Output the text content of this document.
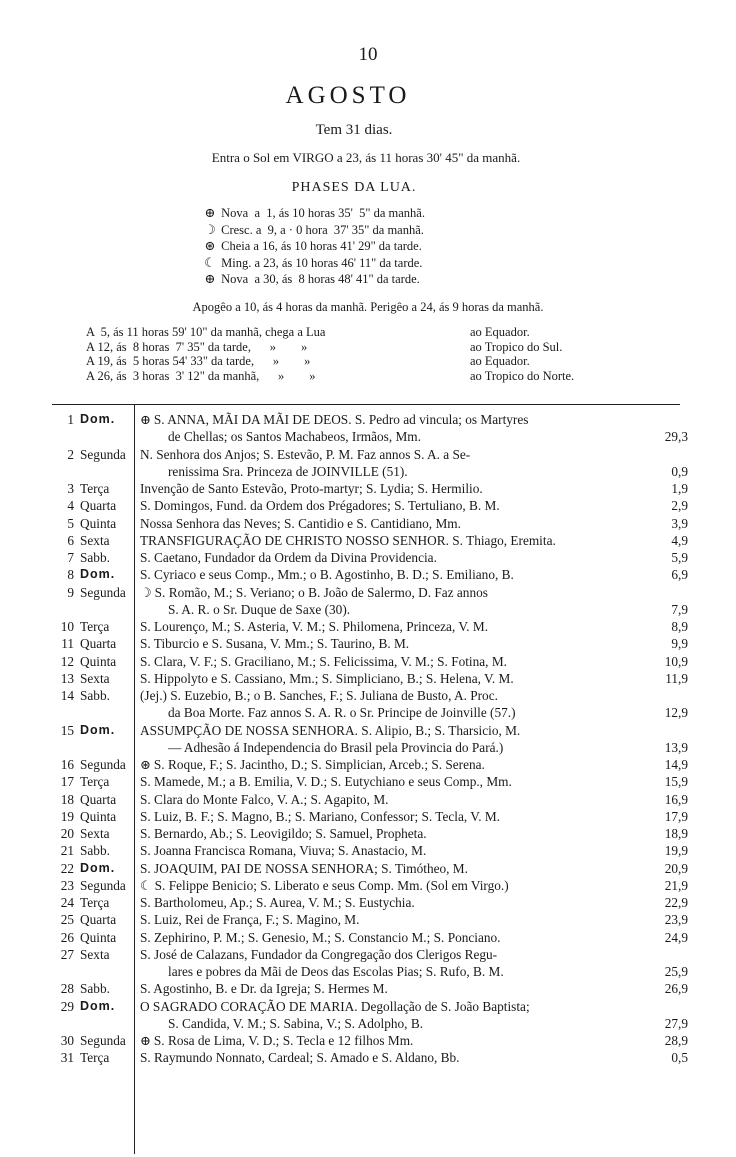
10
AGOSTO
Tem 31 dias.
Entra o Sol em VIRGO a 23, ás 11 horas 30' 45" da manhã.
PHASES DA LUA.
⊕ Nova  a  1, ás 10 horas 35'  5" da manhã.
☽ Cresc. a  9, a · 0 hora  37' 35" da manhã.
⊛ Cheia a 16, ás 10 horas 41' 29" da tarde.
☾ Ming. a 23, ás 10 horas 46' 11" da tarde.
⊕ Nova  a 30, ás  8 horas 48' 41" da tarde.
Apogêo a 10, ás 4 horas da manhã. Perigêo a 24, ás 9 horas da manhã.
A  5, ás 11 horas 59' 10" da manhã, chega a Lua	ao Equador.
A 12, ás  8 horas  7' 35" da tarde,      »        »	ao Tropico do Sul.
A 19, ás  5 horas 54' 33" da tarde,      »        »	ao Equador.
A 26, ás  3 horas  3' 12" da manhã,      »        »	ao Tropico do Norte.
1 Dom. ⊕ S. ANNA, MÃI DA MÃI DE DEOS. S. Pedro ad vincula; os Martyres
de Chellas; os Santos Machabeos, Irmãos, Mm.	29,3
2 Segunda N. Senhora dos Anjos; S. Estevão, P. M. Faz annos S. A. a Se-
renissima Sra. Princeza de JOINVILLE (51).	0,9
3 Terça Invenção de Santo Estevão, Proto-martyr; S. Lydia; S. Hermilio.	1,9
4 Quarta S. Domingos, Fund. da Ordem dos Prégadores; S. Tertuliano, B. M.	2,9
5 Quinta Nossa Senhora das Neves; S. Cantidio e S. Cantidiano, Mm.	3,9
6 Sexta TRANSFIGURAÇÃO DE CHRISTO NOSSO SENHOR. S. Thiago, Eremita.	4,9
7 Sabb. S. Caetano, Fundador da Ordem da Divina Providencia.	5,9
8 Dom. S. Cyriaco e seus Comp., Mm.; o B. Agostinho, B. D.; S. Emiliano, B.	6,9
9 Segunda ☽ S. Romão, M.; S. Veriano; o B. João de Salermo, D. Faz annos
S. A. R. o Sr. Duque de Saxe (30).	7,9
10 Terça S. Lourenço, M.; S. Asteria, V. M.; S. Philomena, Princeza, V. M.	8,9
11 Quarta S. Tiburcio e S. Susana, V. Mm.; S. Taurino, B. M.	9,9
12 Quinta S. Clara, V. F.; S. Graciliano, M.; S. Felicissima, V. M.; S. Fotina, M.	10,9
13 Sexta S. Hippolyto e S. Cassiano, Mm.; S. Simpliciano, B.; S. Helena, V. M.	11,9
14 Sabb. (Jej.) S. Euzebio, B.; o B. Sanches, F.; S. Juliana de Busto, A. Proc.
da Boa Morte. Faz annos S. A. R. o Sr. Principe de Joinville (57.)	12,9
15 Dom. ASSUMPÇÃO DE NOSSA SENHORA. S. Alipio, B.; S. Tharsicio, M.
— Adhesão á Independencia do Brasil pela Provincia do Pará.)	13,9
16 Segunda ⊛ S. Roque, F.; S. Jacintho, D.; S. Simplician, Arceb.; S. Serena.	14,9
17 Terça S. Mamede, M.; a B. Emilia, V. D.; S. Eutychiano e seus Comp., Mm.	15,9
18 Quarta S. Clara do Monte Falco, V. A.; S. Agapito, M.	16,9
19 Quinta S. Luiz, B. F.; S. Magno, B.; S. Mariano, Confessor; S. Tecla, V. M.	17,9
20 Sexta S. Bernardo, Ab.; S. Leovigildo; S. Samuel, Propheta.	18,9
21 Sabb. S. Joanna Francisca Romana, Viuva; S. Anastacio, M.	19,9
22 Dom. S. JOAQUIM, PAI DE NOSSA SENHORA; S. Timótheo, M.	20,9
23 Segunda ☾ S. Felippe Benicio; S. Liberato e seus Comp. Mm. (Sol em Virgo.)	21,9
24 Terça S. Bartholomeu, Ap.; S. Aurea, V. M.; S. Eustychia.	22,9
25 Quarta S. Luiz, Rei de França, F.; S. Magino, M.	23,9
26 Quinta S. Zephirino, P. M.; S. Genesio, M.; S. Constancio M.; S. Ponciano.	24,9
27 Sexta S. José de Calazans, Fundador da Congregação dos Clerigos Regu-
lares e pobres da Mãi de Deos das Escolas Pias; S. Rufo, B. M.	25,9
28 Sabb. S. Agostinho, B. e Dr. da Igreja; S. Hermes M.	26,9
29 Dom. O SAGRADO CORAÇÃO DE MARIA. Degollação de S. João Baptista;
S. Candida, V. M.; S. Sabina, V.; S. Adolpho, B.	27,9
30 Segunda ⊕ S. Rosa de Lima, V. D.; S. Tecla e 12 filhos Mm.	28,9
31 Terça S. Raymundo Nonnato, Cardeal; S. Amado e S. Aldano, Bb.	0,5
